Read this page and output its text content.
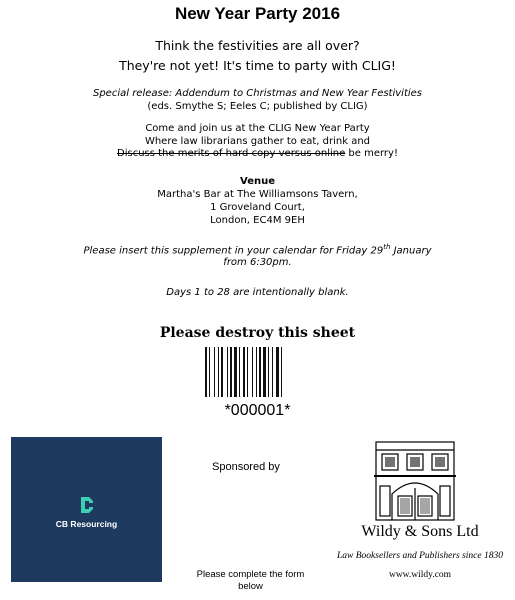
New Year Party 2016
Think the festivities are all over?
They're not yet! It's time to party with CLIG!
Special release: Addendum to Christmas and New Year Festivities
(eds. Smythe S; Eeles C; published by CLIG)
Come and join us at the CLIG New Year Party
Where law librarians gather to eat, drink and
Discuss the merits of hard copy versus online be merry!
Venue
Martha's Bar at The Williamsons Tavern,
1 Groveland Court,
London, EC4M 9EH
Please insert this supplement in your calendar for Friday 29th January
from 6:30pm.
Days 1 to 28 are intentionally blank.
Please destroy this sheet
*000001*
CB Resourcing
Sponsored by
Please complete the form below
Wildy & Sons Ltd
Law Booksellers and Publishers since 1830
www.wildy.com
